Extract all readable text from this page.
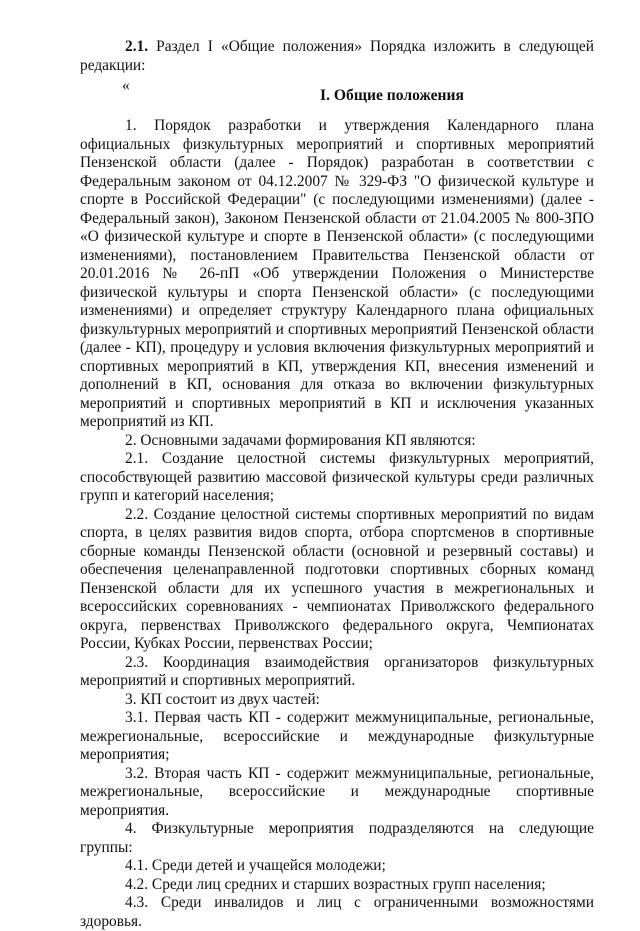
2.1. Раздел I «Общие положения» Порядка изложить в следующей редакции:

«
I. Общие положения

1. Порядок разработки и утверждения Календарного плана официальных физкультурных мероприятий и спортивных мероприятий Пензенской области (далее - Порядок) разработан в соответствии с Федеральным законом от 04.12.2007 № 329-ФЗ "О физической культуре и спорте в Российской Федерации" (с последующими изменениями) (далее - Федеральный закон), Законом Пензенской области от 21.04.2005 № 800-ЗПО «О физической культуре и спорте в Пензенской области» (с последующими изменениями), постановлением Правительства Пензенской области от 20.01.2016 № 26-пП «Об утверждении Положения о Министерстве физической культуры и спорта Пензенской области» (с последующими изменениями) и определяет структуру Календарного плана официальных физкультурных мероприятий и спортивных мероприятий Пензенской области (далее - КП), процедуру и условия включения физкультурных мероприятий и спортивных мероприятий в КП, утверждения КП, внесения изменений и дополнений в КП, основания для отказа во включении физкультурных мероприятий и спортивных мероприятий в КП и исключения указанных мероприятий из КП.

2. Основными задачами формирования КП являются:

2.1. Создание целостной системы физкультурных мероприятий, способствующей развитию массовой физической культуры среди различных групп и категорий населения;

2.2. Создание целостной системы спортивных мероприятий по видам спорта, в целях развития видов спорта, отбора спортсменов в спортивные сборные команды Пензенской области (основной и резервный составы) и обеспечения целенаправленной подготовки спортивных сборных команд Пензенской области для их успешного участия в межрегиональных и всероссийских соревнованиях - чемпионатах Приволжского федерального округа, первенствах Приволжского федерального округа, Чемпионатах России, Кубках России, первенствах России;

2.3. Координация взаимодействия организаторов физкультурных мероприятий и спортивных мероприятий.

3. КП состоит из двух частей:

3.1. Первая часть КП - содержит межмуниципальные, региональные, межрегиональные, всероссийские и международные физкультурные мероприятия;

3.2. Вторая часть КП - содержит межмуниципальные, региональные, межрегиональные, всероссийские и международные спортивные мероприятия.

4. Физкультурные мероприятия подразделяются на следующие группы:

4.1. Среди детей и учащейся молодежи;

4.2. Среди лиц средних и старших возрастных групп населения;

4.3. Среди инвалидов и лиц с ограниченными возможностями здоровья.
